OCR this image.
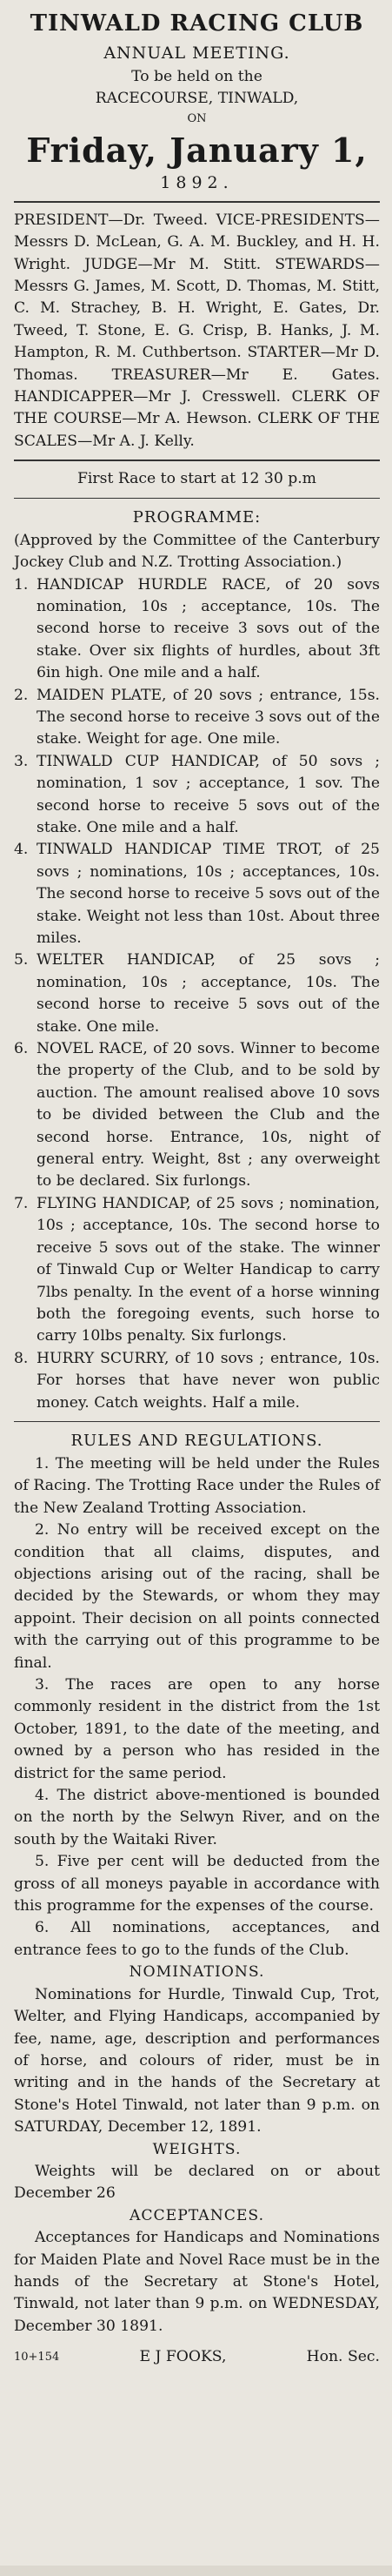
TINWALD RACING CLUB
ANNUAL MEETING.
To be held on the
RACECOURSE, TINWALD,
ON
Friday, January 1,
1892.

PRESIDENT—Dr. Tweed. VICE-PRESIDENTS—Messrs D. McLean, G. A. M. Buckley, and H. H. Wright. JUDGE—Mr M. Stitt. STEWARDS—Messrs G. James, M. Scott, D. Thomas, M. Stitt, C. M. Strachey, B. H. Wright, E. Gates, Dr. Tweed, T. Stone, E. G. Crisp, B. Hanks, J. M. Hampton, R. M. Cuthbertson. STARTER—Mr D. Thomas. TREASURER—Mr E. Gates. HANDICAPPER—Mr J. Cresswell. CLERK OF THE COURSE—Mr A. Hewson. CLERK OF THE SCALES—Mr A. J. Kelly.

First Race to start at 12 30 p.m
PROGRAMME:

(Approved by the Committee of the Canterbury Jockey Club and N.Z. Trotting Association.)

1. HANDICAP HURDLE RACE, of 20 sovs nomination, 10s ; acceptance, 10s. The second horse to receive 3 sovs out of the stake. Over six flights of hurdles, about 3ft 6in high. One mile and a half.
2. MAIDEN PLATE, of 20 sovs ; entrance, 15s. The second horse to receive 3 sovs out of the stake. Weight for age. One mile.
3. TINWALD CUP HANDICAP, of 50 sovs ; nomination, 1 sov ; acceptance, 1 sov. The second horse to receive 5 sovs out of the stake. One mile and a half.
4. TINWALD HANDICAP TIME TROT, of 25 sovs ; nominations, 10s ; acceptances, 10s. The second horse to receive 5 sovs out of the stake. Weight not less than 10st. About three miles.
5. WELTER HANDICAP, of 25 sovs ; nomination, 10s ; acceptance, 10s. The second horse to receive 5 sovs out of the stake. One mile.
6. NOVEL RACE, of 20 sovs. Winner to become the property of the Club, and to be sold by auction. The amount realised above 10 sovs to be divided between the Club and the second horse. Entrance, 10s, night of general entry. Weight, 8st ; any overweight to be declared. Six furlongs.
7. FLYING HANDICAP, of 25 sovs ; nomination, 10s ; acceptance, 10s. The second horse to receive 5 sovs out of the stake. The winner of Tinwald Cup or Welter Handicap to carry 7lbs penalty. In the event of a horse winning both the foregoing events, such horse to carry 10lbs penalty. Six furlongs.
8. HURRY SCURRY, of 10 sovs ; entrance, 10s. For horses that have never won public money. Catch weights. Half a mile.
RULES AND REGULATIONS.

1. The meeting will be held under the Rules of Racing. The Trotting Race under the Rules of the New Zealand Trotting Association.

2. No entry will be received except on the condition that all claims, disputes, and objections arising out of the racing, shall be decided by the Stewards, or whom they may appoint. Their decision on all points connected with the carrying out of this programme to be final.

3. The races are open to any horse commonly resident in the district from the 1st October, 1891, to the date of the meeting, and owned by a person who has resided in the district for the same period.

4. The district above-mentioned is bounded on the north by the Selwyn River, and on the south by the Waitaki River.

5. Five per cent will be deducted from the gross of all moneys payable in accordance with this programme for the expenses of the course.

6. All nominations, acceptances, and entrance fees to go to the funds of the Club.

NOMINATIONS.

Nominations for Hurdle, Tinwald Cup, Trot, Welter, and Flying Handicaps, accompanied by fee, name, age, description and performances of horse, and colours of rider, must be in writing and in the hands of the Secretary at Stone's Hotel Tinwald, not later than 9 p.m. on SATURDAY, December 12, 1891.

WEIGHTS.

Weights will be declared on or about December 26

ACCEPTANCES.

Acceptances for Handicaps and Nominations for Maiden Plate and Novel Race must be in the hands of the Secretary at Stone's Hotel, Tinwald, not later than 9 p.m. on WEDNESDAY, December 30 1891.

10+154	E J FOOKS,	Hon. Sec.
